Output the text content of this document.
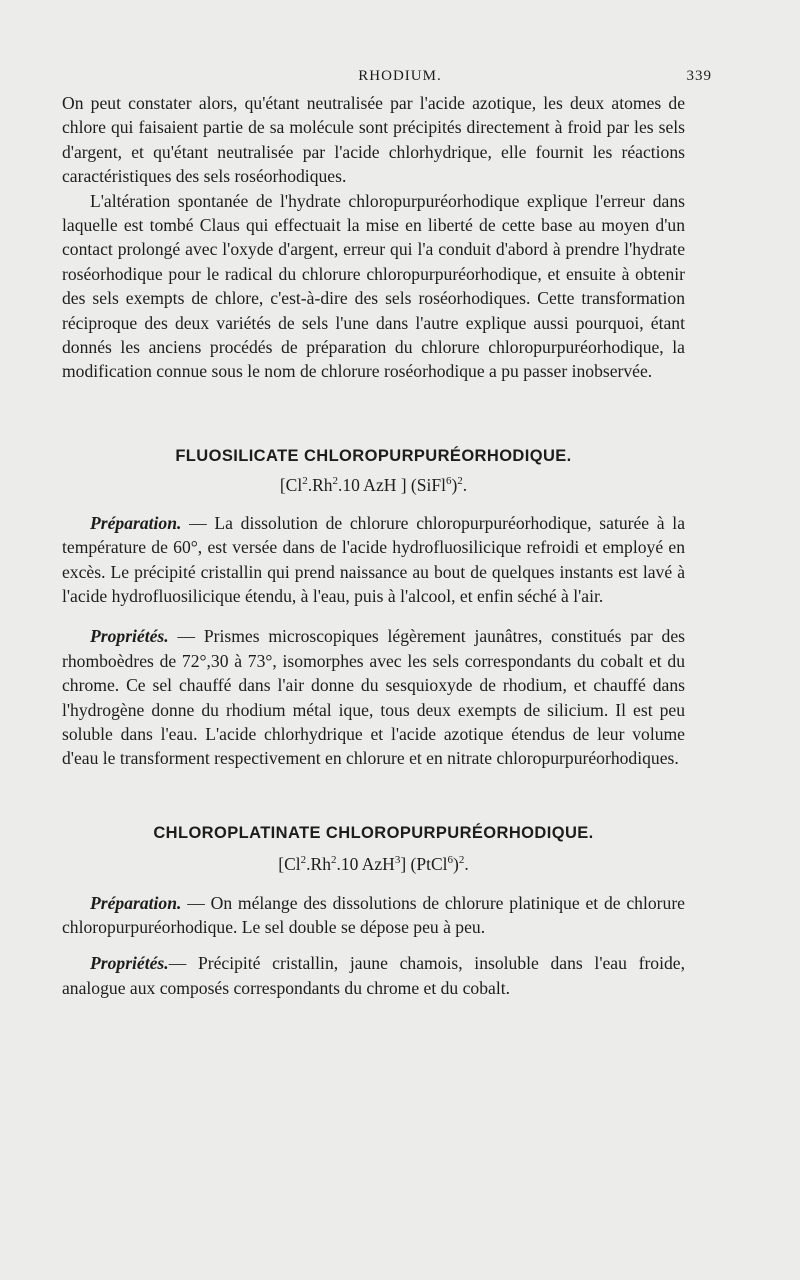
RHODIUM.	339

On peut constater alors, qu'étant neutralisée par l'acide azotique, les deux atomes de chlore qui faisaient partie de sa molécule sont précipités directement à froid par les sels d'argent, et qu'étant neutralisée par l'acide chlorhydrique, elle fournit les réactions caractéristiques des sels roséorhodiques.

L'altération spontanée de l'hydrate chloropurpuréorhodique explique l'erreur dans laquelle est tombé Claus qui effectuait la mise en liberté de cette base au moyen d'un contact prolongé avec l'oxyde d'argent, erreur qui l'a conduit d'abord à prendre l'hydrate roséorhodique pour le radical du chlorure chloropurpuréorhodique, et ensuite à obtenir des sels exempts de chlore, c'est-à-dire des sels roséorhodiques. Cette transformation réciproque des deux variétés de sels l'une dans l'autre explique aussi pourquoi, étant donnés les anciens procédés de préparation du chlorure chloropurpuréorhodique, la modification connue sous le nom de chlorure roséorhodique a pu passer inobservée.

FLUOSILICATE CHLOROPURPURÉORHODIQUE.

[Cl$^2$.Rh$^2$.10 AzH ] (SiFl$^6$)$^2$.

Préparation. — La dissolution de chlorure chloropurpuréorhodique, saturée à la température de 60°, est versée dans de l'acide hydrofluosilicique refroidi et employé en excès. Le précipité cristallin qui prend naissance au bout de quelques instants est lavé à l'acide hydrofluosilicique étendu, à l'eau, puis à l'alcool, et enfin séché à l'air.

Propriétés. — Prismes microscopiques légèrement jaunâtres, constitués par des rhomboèdres de 72°,30 à 73°, isomorphes avec les sels correspondants du cobalt et du chrome. Ce sel chauffé dans l'air donne du sesquioxyde de rhodium, et chauffé dans l'hydrogène donne du rhodium métal ique, tous deux exempts de silicium. Il est peu soluble dans l'eau. L'acide chlorhydrique et l'acide azotique étendus de leur volume d'eau le transforment respectivement en chlorure et en nitrate chloropurpuréorhodiques.

CHLOROPLATINATE CHLOROPURPURÉORHODIQUE.

[Cl$^2$.Rh$^2$.10 AzH$^3$] (PtCl$^6$)$^2$.

Préparation. — On mélange des dissolutions de chlorure platinique et de chlorure chloropurpuréorhodique. Le sel double se dépose peu à peu.

Propriétés.— Précipité cristallin, jaune chamois, insoluble dans l'eau froide, analogue aux composés correspondants du chrome et du cobalt.
